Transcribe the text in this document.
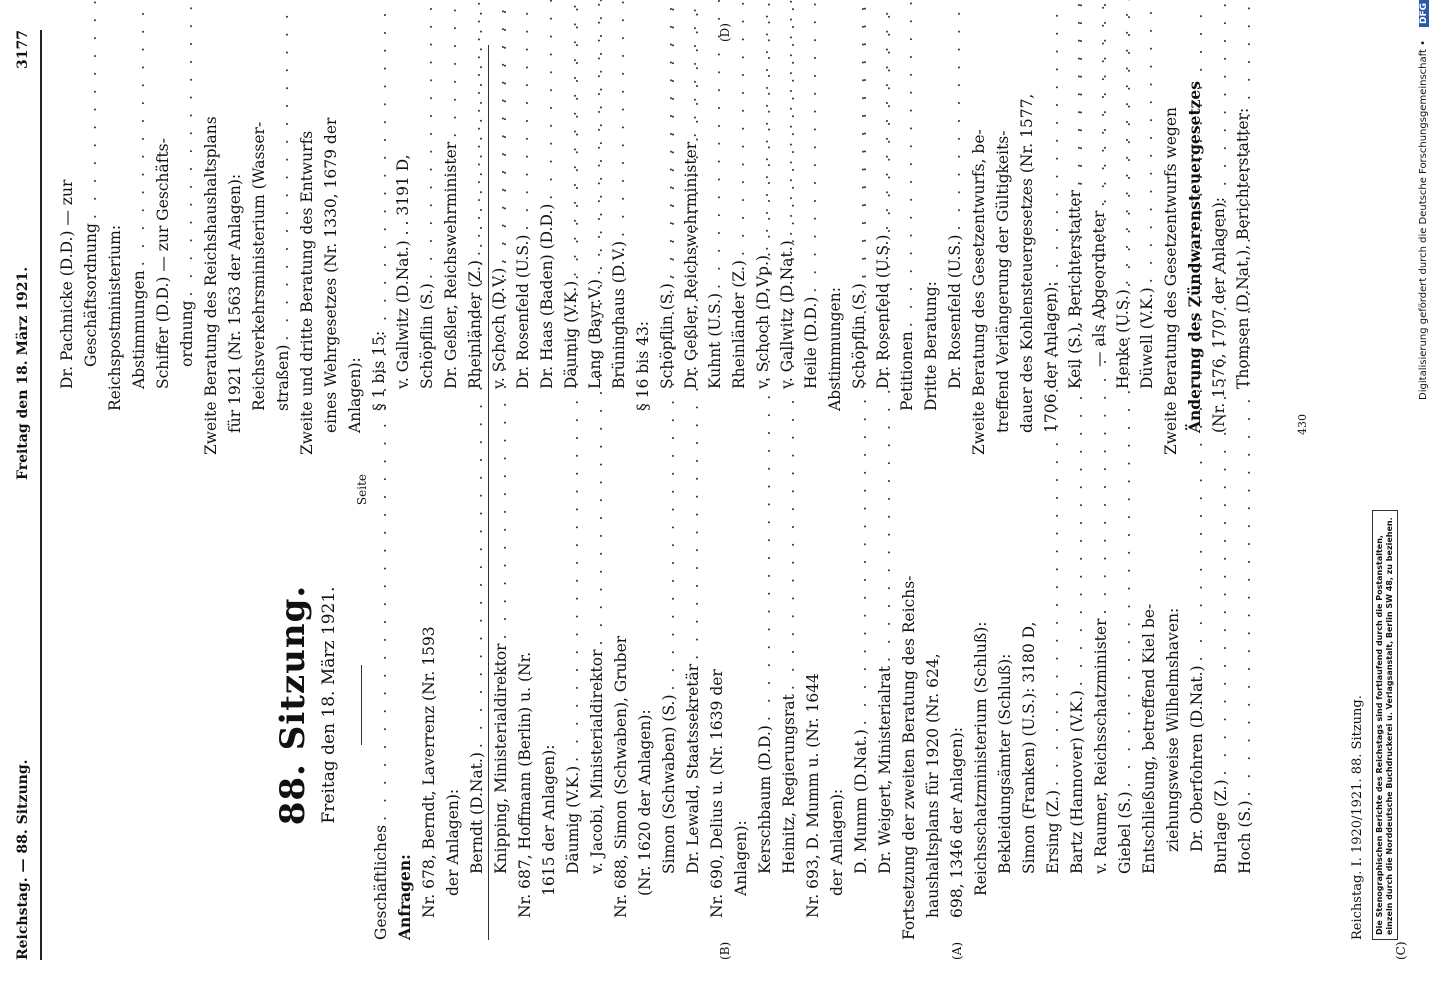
Reichstag. — 88. Sitzung.
Freitag den 18. März 1921.
3177
(A)	(C)
(B)
(D)
88. Sitzung. Freitag den 18. März 1921.
Seite
Geschäftliches
. . . Anfragen: Nr. 678, Berndt, Laverrenz (Nr. 1593 der Anlagen): Berndt (D.Nat.)
. . . Knipping, Ministerialdirektor
. . . Nr. 687, Hoffmann (Berlin) u. (Nr. 1615 der Anlagen): Däumig (V.K.)
. . . v. Jacobi, Ministerialdirektor
. . . Nr. 688, Simon (Schwaben), Gruber (Nr. 1620 der Anlagen): Simon (Schwaben) (S.)
. . . Dr. Lewald, Staatssekretär
. . . Nr. 690, Delius u. (Nr. 1639 der Anlagen): Kerschbaum (D.D.)
. . . Heinitz, Regierungsrat
. . . Nr. 693, D. Mumm u. (Nr. 1644 der Anlagen): D. Mumm (D.Nat.)
. . . Dr. Weigert, Ministerialrat
. . . Fortsetzung der zweiten Beratung des Reichs- haushaltsplans für 1920 (Nr. 624, 698, 1346 der Anlagen): Reichsschatzministerium (Schluß): Bekleidungsämter (Schluß): Simon (Franken) (U.S.): 3180 D, Ersing (Z.)
. . . Bartz (Hannover) (V.K.)
. . . v. Raumer, Reichsschatzminister
. . . Giebel (S.) . . . Entschließung, betreffend Kiel be- ziehungsweise Wilhelmshaven: Dr. Oberfohren (D.Nat.)
. . . Burlage (Z.)
. . . Hoch (S.)
. . .
Dr. Pachnicke (D.D.) — zur Geschäftsordnung
. . . Reichspostministerium: Abstimmungen
. . . Schiffer (D.D.) — zur Geschäfts- ordnung . . . Zweite Beratung des Reichshaushaltsplans für 1921 (Nr. 1563 der Anlagen): Reichsverkehrsministerium (Wasser- straßen) . . . Zweite und dritte Beratung des Entwurfs eines Wehrgesetzes (Nr. 1330, 1679 der Anlagen): § 1 bis 15: v. Gallwitz (D.Nat.) . . 3191 D, Schöpflin (S.) . . . Dr. Geßler, Reichswehrminister
. . . Rheinländer (Z.)
. . . v. Schoch (D.V.)
. . . Dr. Rosenfeld (U.S.)
. . . Dr. Haas (Baden) (D.D.)
. . . Däumig (V.K.)
. . . Lang (Bayr.V.)
. . . Brüninghaus (D.V.)
. . . § 16 bis 43: Schöpflin (S.) . . . Dr. Geßler, Reichswehrminister
. . . Kuhnt (U.S.)
. . . Rheinländer (Z.)
. . . v. Schoch (D.Vp.)
. . . v. Gallwitz (D.Nat.)
. . . Heile (D.D.)
. . . Abstimmungen: Schöpflin (S.)
. . . Dr. Rosenfeld (U.S.)
. . . Petitionen
. . . Dritte Beratung: Dr. Rosenfeld (U.S.)
. . . Zweite Beratung des Gesetzentwurfs, be- treffend Verlängerung der Gültigkeits- dauer des Kohlensteuergesetzes (Nr. 1577, 1706 der Anlagen): Keil (S.), Berichterstatter
. . . — als Abgeordneter
. . . Henke (U.S.)
. . . Düwell (V.K.)
. . . Zweite Beratung des Gesetzentwurfs wegen Änderung des Zündwarensteuergesetzes (Nr. 1576, 1707 der Anlagen): Thomsen (D.Nat.), Berichterstatter:
Reichstag. I. 1920/1921. 88. Sitzung.
430
Die Stenographischen Berichte des Reichstags sind fortlaufend durch die Postanstalten, einzeln durch die Norddeutsche Buchdruckerei u. Verlagsanstalt, Berlin SW 48, zu beziehen.
Digitalisierung gefördert durch die Deutsche Forschungsgemeinschaft •DFG
